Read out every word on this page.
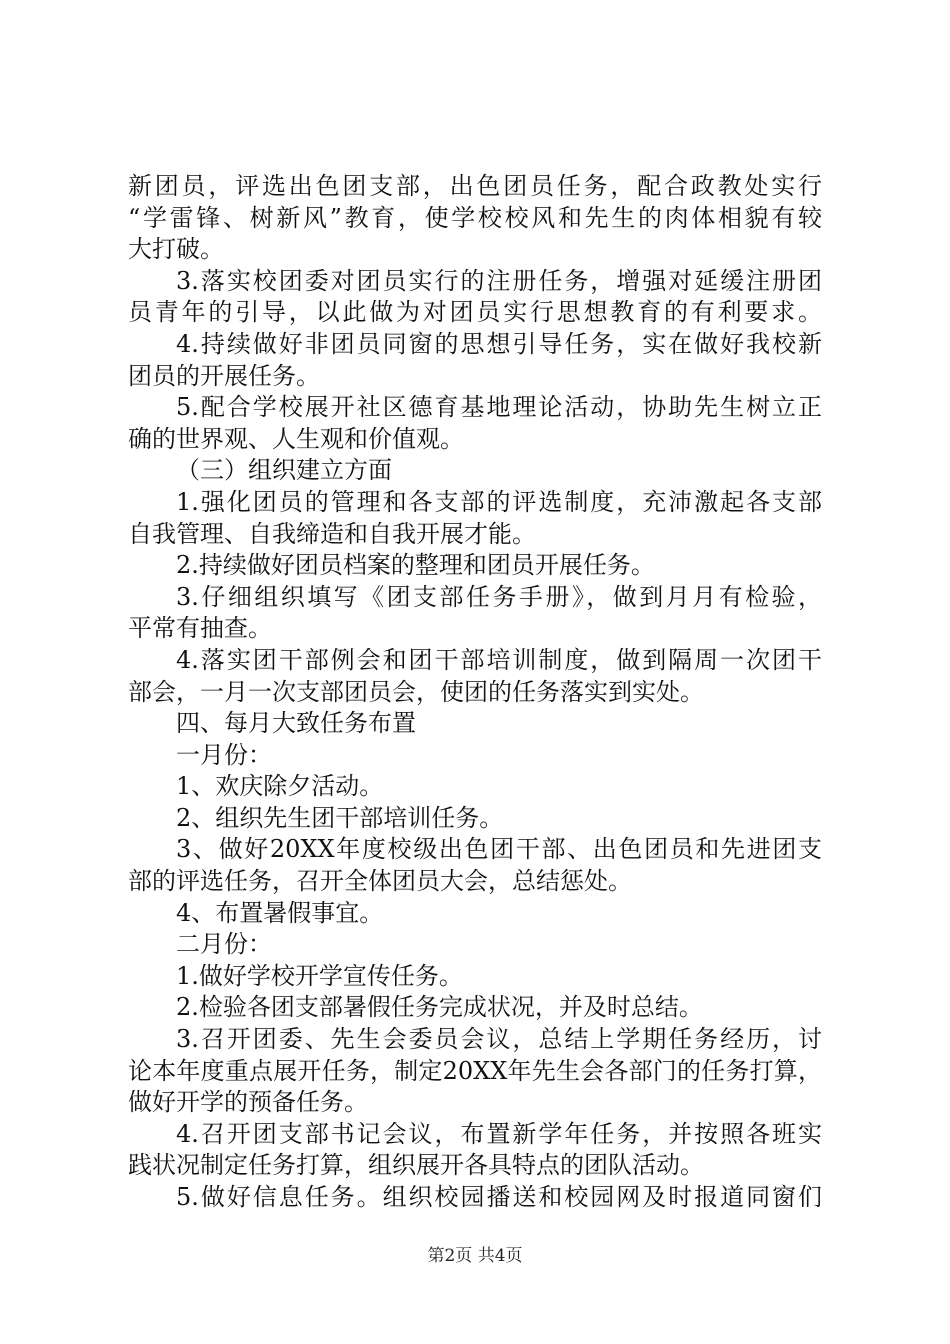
新团员，评选出色团支部，出色团员任务，配合政教处实行
“学雷锋、树新风”教育，使学校校风和先生的肉体相貌有较
大打破。
3.落实校团委对团员实行的注册任务，增强对延缓注册团
员青年的引导，以此做为对团员实行思想教育的有利要求。
4.持续做好非团员同窗的思想引导任务，实在做好我校新
团员的开展任务。
5.配合学校展开社区德育基地理论活动，协助先生树立正
确的世界观、人生观和价值观。
（三）组织建立方面
1.强化团员的管理和各支部的评选制度，充沛激起各支部
自我管理、自我缔造和自我开展才能。
2.持续做好团员档案的整理和团员开展任务。
3.仔细组织填写《团支部任务手册》，做到月月有检验，
平常有抽查。
4.落实团干部例会和团干部培训制度，做到隔周一次团干
部会，一月一次支部团员会，使团的任务落实到实处。
四、每月大致任务布置
一月份：
1、欢庆除夕活动。
2、组织先生团干部培训任务。
3、做好20XX年度校级出色团干部、出色团员和先进团支
部的评选任务，召开全体团员大会，总结惩处。
4、布置暑假事宜。
二月份：
1.做好学校开学宣传任务。
2.检验各团支部暑假任务完成状况，并及时总结。
3.召开团委、先生会委员会议，总结上学期任务经历，讨
论本年度重点展开任务，制定20XX年先生会各部门的任务打算，
做好开学的预备任务。
4.召开团支部书记会议，布置新学年任务，并按照各班实
践状况制定任务打算，组织展开各具特点的团队活动。
5.做好信息任务。组织校园播送和校园网及时报道同窗们
第2页 共4页
